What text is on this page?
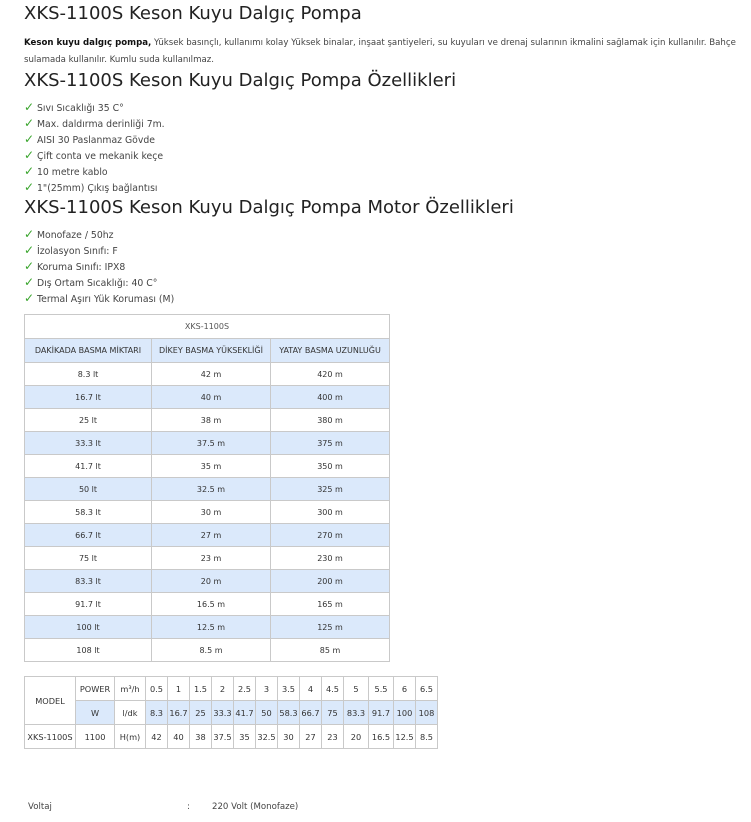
XKS-1100S Keson Kuyu Dalgıç Pompa
Keson kuyu dalgıç pompa, Yüksek basınçlı, kullanımı kolay Yüksek binalar, inşaat şantiyeleri, su kuyuları ve drenaj sularının ikmalini sağlamak için kullanılır. Bahçe
sulamada kullanılır. Kumlu suda kullanılmaz.
XKS-1100S Keson Kuyu Dalgıç Pompa Özellikleri
✓ Sıvı Sıcaklığı 35 C°
✓ Max. daldırma derinliği 7m.
✓ AISI 30 Paslanmaz Gövde
✓ Çift conta ve mekanik keçe
✓ 10 metre kablo
✓ 1"(25mm) Çıkış bağlantısı
XKS-1100S Keson Kuyu Dalgıç Pompa Motor Özellikleri
✓ Monofaze / 50hz
✓ İzolasyon Sınıfı: F
✓ Koruma Sınıfı: IPX8
✓ Dış Ortam Sıcaklığı: 40 C°
✓ Termal Aşırı Yük Koruması (M)
XKS-1100S		
DAKİKADA BASMA MİKTARI	DİKEY BASMA YÜKSEKLİĞİ	YATAY BASMA UZUNLUĞU
8.3 lt	42 m	420 m
16.7 lt	40 m	400 m
25 lt	38 m	380 m
33.3 lt	37.5 m	375 m
41.7 lt	35 m	350 m
50 lt	32.5 m	325 m
58.3 lt	30 m	300 m
66.7 lt	27 m	270 m
75 lt	23 m	230 m
83.3 lt	20 m	200 m
91.7 lt	16.5 m	165 m
100 lt	12.5 m	125 m
108 lt	8.5 m	85 m
MODEL	POWER	m³/h	0.5	1	1.5	2	2.5	3	3.5	4	4.5	5	5.5	6	6.5
	W	l/dk	8.3	16.7	25	33.3	41.7	50	58.3	66.7	75	83.3	91.7	100	108
XKS-1100S	1100	H(m)	42	40	38	37.5	35	32.5	30	27	23	20	16.5	12.5	8.5
Voltaj	:	220 Volt (Monofaze)
